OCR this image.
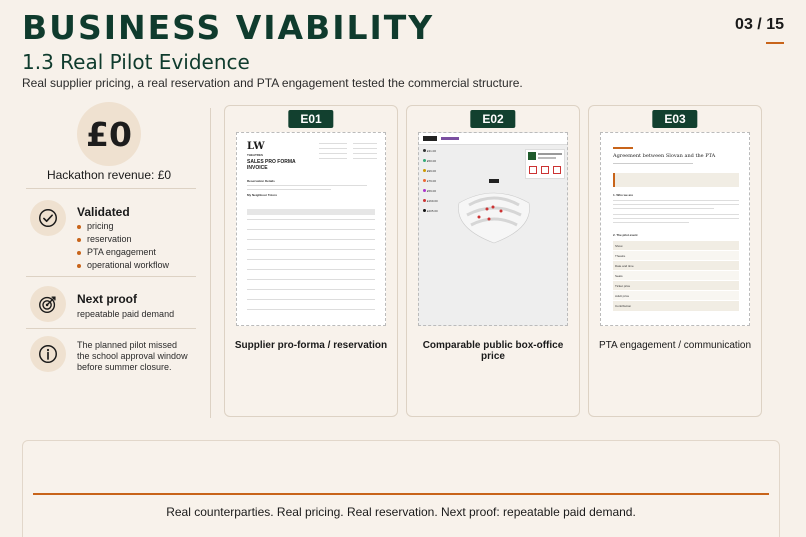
BUSINESS VIABILITY	03 / 15
1.3 Real Pilot Evidence
Real supplier pricing, a real reservation and PTA engagement tested the commercial structure.
£0
Hackathon revenue: £0
Validated
pricing
reservation
PTA engagement
operational workflow
Next proof
repeatable paid demand
The planned pilot missed
the school approval window
before summer closure.
E01
LW
THEATRES
SALES PRO FORMA
INVOICE
Reservation Details
My Neighbour Totoro
Supplier pro-forma / reservation
E02
£31.00
£50.00
£99.00
£79.00
£59.00
£169.00
£205.00
Comparable public box-office price
E03
Agreement between Slovan and the PTA
1. Who we are
2. The pilot event
Show
Theatre
Date and time
Seats
Ticket price
Adult price
Contribution
PTA engagement / communication
Real counterparties. Real pricing. Real reservation. Next proof: repeatable paid demand.
